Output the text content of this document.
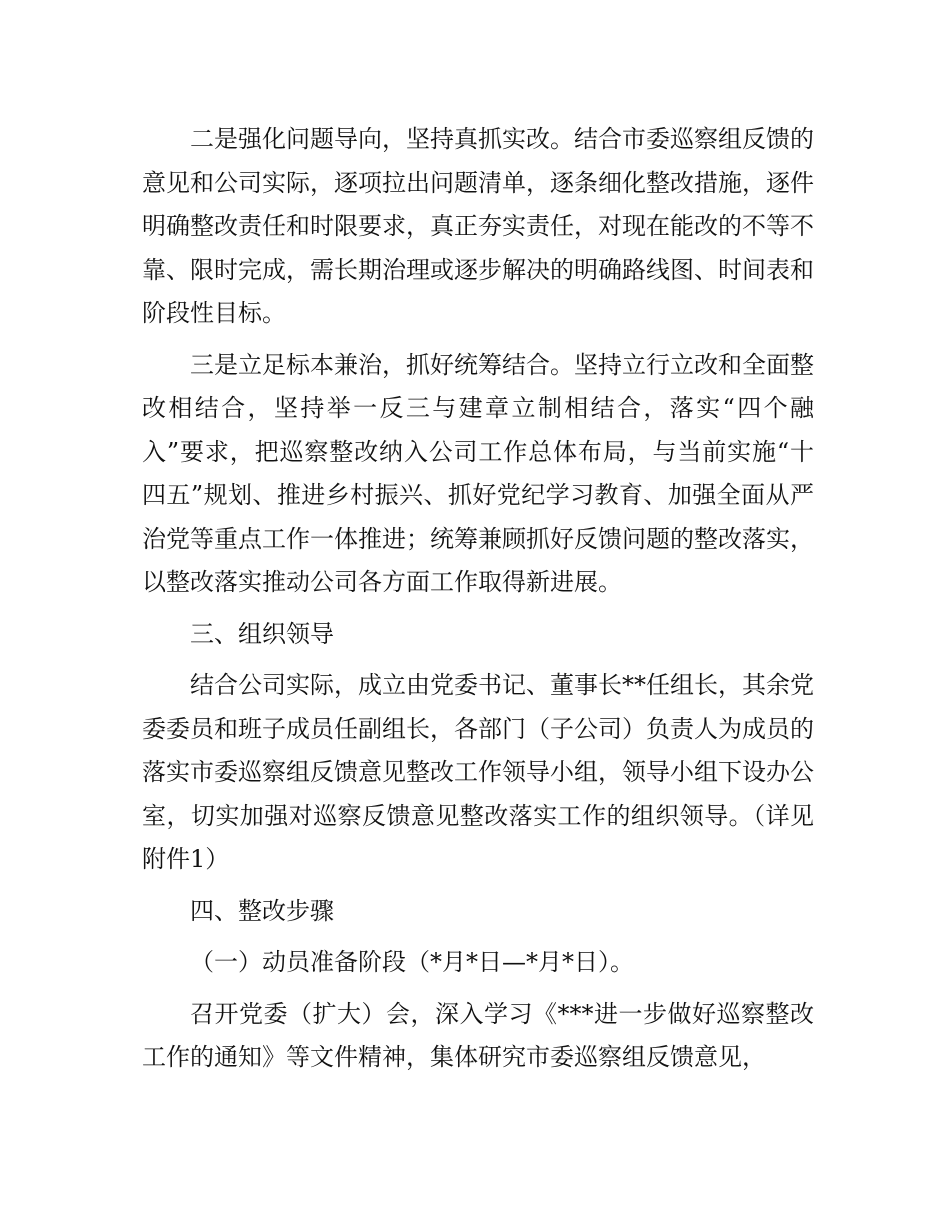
二是强化问题导向，坚持真抓实改。结合市委巡察组反馈的意见和公司实际，逐项拉出问题清单，逐条细化整改措施，逐件明确整改责任和时限要求，真正夯实责任，对现在能改的不等不靠、限时完成，需长期治理或逐步解决的明确路线图、时间表和阶段性目标。

三是立足标本兼治，抓好统筹结合。坚持立行立改和全面整改相结合，坚持举一反三与建章立制相结合，落实“四个融入”要求，把巡察整改纳入公司工作总体布局，与当前实施“十四五”规划、推进乡村振兴、抓好党纪学习教育、加强全面从严治党等重点工作一体推进；统筹兼顾抓好反馈问题的整改落实，以整改落实推动公司各方面工作取得新进展。

三、组织领导

结合公司实际，成立由党委书记、董事长**任组长，其余党委委员和班子成员任副组长，各部门（子公司）负责人为成员的落实市委巡察组反馈意见整改工作领导小组，领导小组下设办公室，切实加强对巡察反馈意见整改落实工作的组织领导。（详见附件1）

四、整改步骤

（一）动员准备阶段（*月*日—*月*日）。

召开党委（扩大）会，深入学习《***进一步做好巡察整改工作的通知》等文件精神，集体研究市委巡察组反馈意见，
